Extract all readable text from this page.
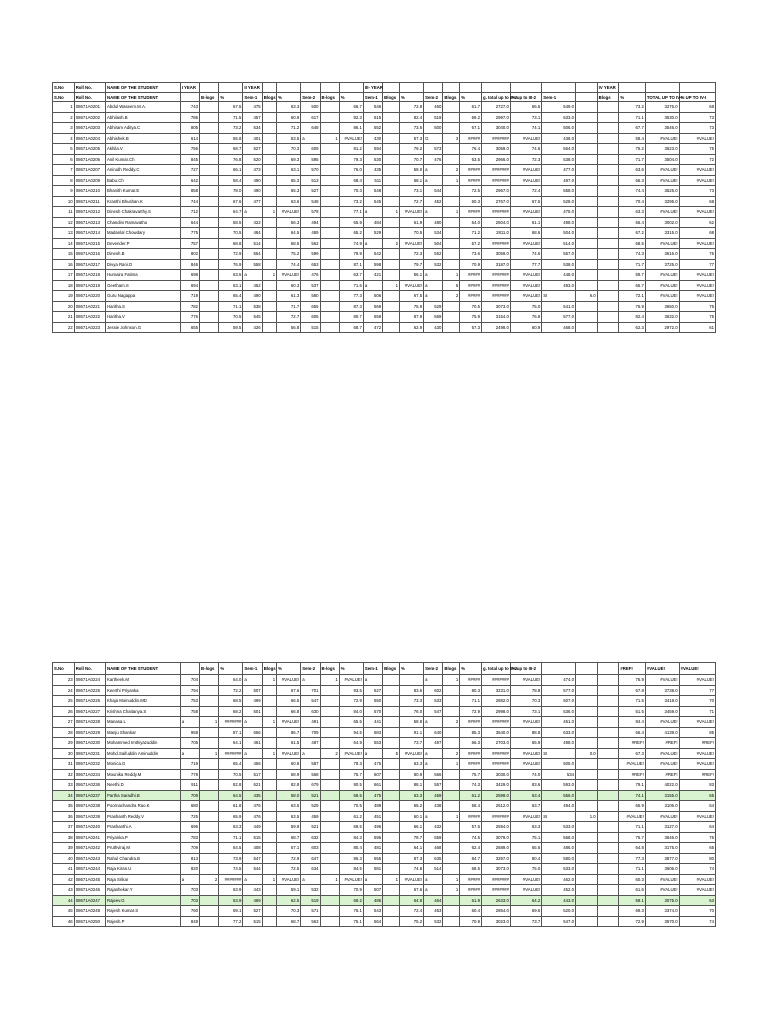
S.No	Roll No.	NAME OF THE STUDENT	I YEAR			II YEAR						III- YEAR										IV YEAR			
S.No	Roll No.	NAME OF THE STUDENT		B-logs	%	Sem-1	Blogs	%	Sem-2	B-logs	%	Sem-1	Blogs	%	Sem-2	Blogs	%	g. total up to III-2	% up to III-2	Sem-1		Blogs	%	TOTAL UP TO IV-I	% UP TO IV-I
1	08671A0201	Abdul Waseem.M.A.	743		67.5	475		63.3	500		66.7	546		72.8	460		61.7	2727.0	66.5	549.0			73.2	3276.0	68
2	08671A0202	Abhilash.B	786		71.5	457		60.9	617		82.3	615		82.4	519		69.2	2997.0	73.1	533.0			71.1	3530.0	73
3	08671A0203	Abhiram Aditya.C	805		73.2	534		71.2	648		86.1	552		73.6	500		67.1	3040.0	74.1	506.0			67.7	3546.0	73
4	08671A0204	Abhishek.B	614		55.8	401		53.5	a	1	#VALUE!	430		57.3	G	3	#####	#######	#VALUE!	438.0			58.4	#VALUE!	#VALUE!
5	08671A0205	Akhila.V	756		68.7	527		70.3	609		81.2	594		79.2	573		76.4	3059.0	74.6	564.0			75.2	3623.0	75
6	08671A0206	Anil Kumar.Ch	845		76.8	520		69.3	595		79.3	530		70.7	476		63.5	2966.0	72.3	538.0			71.7	3504.0	72
7	08671A0207	Anirudh Reddy.C	727		66.1	473		63.1	570		76.0	435		58.0	a	2	#####	#######	#VALUE!	477.0			63.6	#VALUE!	#VALUE!
8	08671A0209	Babu.Ch	642		58.4	490		65.3	513		68.4	511		68.1	a	1	#####	#######	#VALUE!	497.0			66.3	#VALUE!	#VALUE!
9	08671A0210	Bhanith Kumar.E	858		78.0	490		65.3	527		70.3	548		73.1	544		72.5	2967.0	72.4	558.0			74.4	3525.0	73
10	08671A0211	Kranthi Bhushan.K	744		67.6	477		63.6	548		73.2	545		72.7	452		60.3	2767.0	67.5	528.0			70.4	3295.0	68
11	08671A0212	Dinesh Chakravarthy.S	712		64.7	a	1	#VALUE!	578		77.1	a	1	#VALUE!	a	1	#####	#######	#VALUE!	475.0			63.3	#VALUE!	#VALUE!
12	08671A0213	Chandini Ramavathu	644		58.5	422		56.3	494		65.9	484		61.9	480		64.0	2504.0	61.1	498.0			66.4	3002.0	62
13	08671A0214	Madanlal Chowdary	775		70.5	484		64.5	489		65.2	529		70.5	534		71.2	2811.0	68.6	504.0			67.2	3315.0	68
14	08671A0215	Devender.P	757		68.8	514		68.5	562		74.9	a	2	#VALUE!	504		67.2	#######	#VALUE!	514.0			68.5	#VALUE!	#VALUE!
15	08671A0216	Dinesh.B	802		72.9	564		75.2	599		79.9	542		72.3	552		73.6	3059.0	74.6	557.0			74.3	3616.0	75
16	08671A0217	Divya Rani.D	846		76.9	558		74.4	653		87.1	598		79.7	532		70.9	3187.0	77.7	538.0			71.7	3725.0	77
17	08671A0218	Humaira Fatima	698		63.5	a	1	#VALUE!	476		63.7	421		56.1	a	1	#####	#######	#VALUE!	448.0			59.7	#VALUE!	#VALUE!
18	08671A0219	Geetham.S	694		63.1	452		60.3	537		71.6	a	1	#VALUE!	a	6	#####	#######	#VALUE!	493.0			65.7	#VALUE!	#VALUE!
19	08671A0220	Guru Nagappa	719		65.4	490		61.3	580		77.3	506		67.5	a	2	#####	#######	#VALUE!	SI	6.0		72.1	#VALUE!	#VALUE!
20	08671A0221	Haritha.S	782		71.1	538		71.7	655		87.3	569		75.9	529		70.5	3073.0	75.0	541.0			76.9	3650.0	75
21	08671A0222	Haritha.V	776		70.5	545		72.7	605		80.7	659		87.9	569		75.9	3154.0	76.9	577.0			82.4	3632.0	75
22	08671A0223	Jessie Johnson.G	655		59.5	426		56.8	515		68.7	472		62.9	430		57.3	2498.0	60.9	468.0			62.3	2972.0	61
S.No	Roll No.	NAME OF THE STUDENT		B-logs	%	Sem-1	Blogs	%	Sem-2	B-logs	%	Sem-1	Blogs	%	Sem-2	Blogs	%	g. total up to III-2	% up to III-2				#REF!	#VALUE!	#VALUE!
23	08671A0224	Kartheek.M	704		64.0	a	1	#VALUE!	a	1	#VALUE!	a			a	1	#####	#######	#VALUE!	474.0			76.9	#VALUE!	#VALUE!
24	08671A0225	Keerthi Priyanka	794		72.2	507		67.6	701		93.5	627		83.6	602		80.3	3231.0	78.8	577.0			67.8	3738.0	77
25	08671A0226	Khaja Moinuddin.MD	753		68.5	499		66.5	547		72.9	550		73.3	533		71.1	2882.0	70.3	507.0			71.5	3418.0	70
26	08671A0227	Krishna Chaitanya.S	758		68.2	501		66.8	630		84.0	570		76.0	547		72.9	2998.0	73.1	536.0			51.5	3459.0	71
27	08671A0228	Manasa.L	a	1	#######	a	1	#VALUE!	491		65.5	441		58.8	a	2	#####	#######	#VALUE!	461.0			84.4	#VALUE!	#VALUE!
28	08671A0229	Manju Shankar	958		87.1	656		86.7	709		94.5	683		91.1	640		85.3	3640.0	88.8	633.0			66.4	4138.0	85
29	08671A0230	Mohammed Imthiyazuddin	705		64.1	461		61.5	487		64.9	553		73.7	497		66.3	2703.0	65.9	498.0			#REF!	#REF!	#REF!
30	08671A0231	Mohd.Saifuddin Aminuddin	a	1	#######	a	1	#VALUE!	a	2	#VALUE!	a	5	#VALUE!	a	2	#####	#######	#VALUE!	SI	0.0		67.3	#VALUE!	#VALUE!
31	08671A0232	Monica.G	719		65.4	456		60.8	587		78.3	475		63.3	a	1	#####	#######	#VALUE!	505.0			#VALUE!	#VALUE!	#VALUE!
32	08671A0234	Mounika Reddy.M	778		70.5	517		68.9	568		75.7	607		80.9	566		75.7	3030.0	74.0	534			#REF!	#REF!	#REF!
33	08671A0236	Neethi.D	911		82.8	621		82.8	679		90.5	661		88.1	557		74.3	3429.0	83.6	593.0			79.1	4022.0	83
34	08671A0237	Partha Saradhi.B	709		64.5	435		58.0	521		69.5	475		63.3	459		61.2	2599.0	63.4	556.0			74.1	3155.0	65
35	08671A0238	Poornachandra Rao.K	680		61.8	476		63.5	529		70.5	489		65.2	438		58.4	2612.0	63.7	494.0			65.9	3106.0	64
36	08671A0239	Prashanth Reddy.V	725		65.9	476		63.5	459		61.2	451		60.1	a	1	#####	#######	#VALUE!	SI	1.0		#VALUE!	#VALUE!	#VALUE!
37	08671A0240	Prashanthi.A	695		63.3	449		59.9	521		69.5	496		66.1	432		57.6	2594.0	63.3	533.0			71.1	3127.0	64
38	08671A0241	Priyanka.P	783		71.1	515		68.7	632		84.3	596		78.7	559		74.5	3078.0	75.1	568.0			75.7	3646.0	75
39	08671A0242	Pruthviraj.M	709		64.5	408		57.1	603		80.4	481		64.1	468		62.4	2689.0	65.6	486.0			64.8	3175.0	65
40	08671A0243	Rahul Chandra.B	813		73.9	547		72.9	647		86.3	655		87.3	635		84.7	3297.0	80.4	580.0			77.3	3877.0	80
41	08671A0244	Raja Kiran.U	820		74.5	544		72.5	634		84.5	581		74.8	514		68.5	3073.0	75.0	533.0			71.1	3606.0	74
42	08671A0245	Raja Srikar	a	2	#######	a	1	#VALUE!	a	1	#VALUE!	a	1	#VALUE!	a	1	#####	#######	#VALUE!	462.0			60.3	#VALUE!	#VALUE!
43	08671A0246	Rajashekar.Y	703		63.9	443		59.1	532		70.9	507		67.6	a	1	#####	#######	#VALUE!	452.0			61.6	#VALUE!	#VALUE!
44	08671A0247	Rajeev.G	703		63.9	469		62.5	519		69.2	486		64.8	464		61.9	2633.0	64.2	443.0			59.1	3075.0	63
45	08671A0248	Rajesh Kumar.S	760		69.1	527		70.3	571		76.1	543		72.4	453		60.4	2854.0	69.6	520.0			69.3	3374.0	70
46	08671A0250	Rajesh.P	849		77.2	515		68.7	563		75.1	564		75.2	532		70.9	3023.0	73.7	547.0			72.9	3570.0	74
